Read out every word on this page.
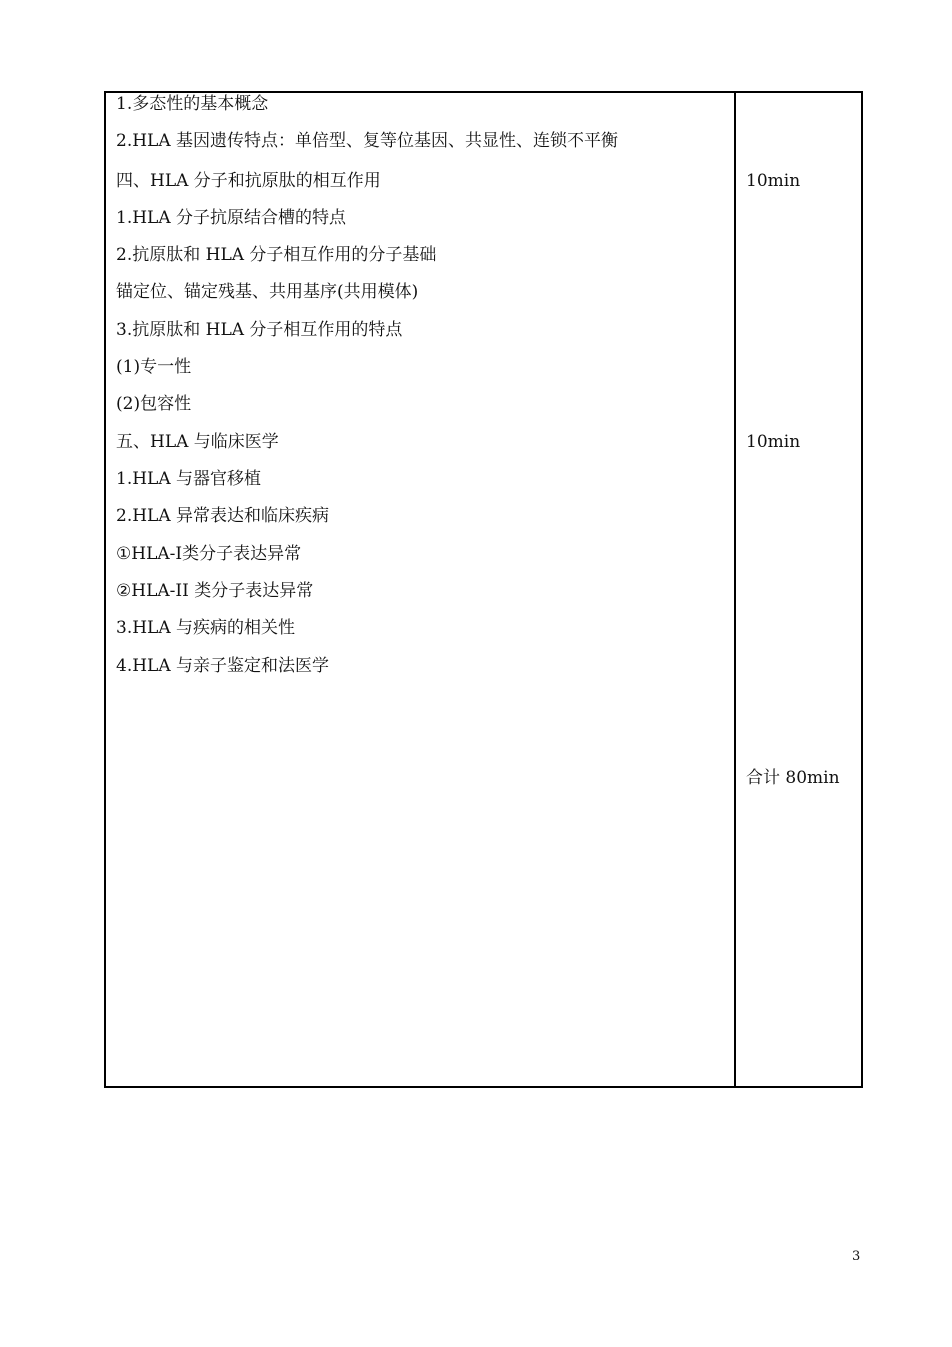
1.多态性的基本概念
2.HLA 基因遗传特点：单倍型、复等位基因、共显性、连锁不平衡
四、HLA 分子和抗原肽的相互作用
1.HLA 分子抗原结合槽的特点
2.抗原肽和 HLA 分子相互作用的分子基础
锚定位、锚定残基、共用基序(共用模体)
3.抗原肽和 HLA 分子相互作用的特点
(1)专一性
(2)包容性
五、HLA 与临床医学
1.HLA 与器官移植
2.HLA 异常表达和临床疾病
①HLA-I类分子表达异常
②HLA-II 类分子表达异常
3.HLA 与疾病的相关性
4.HLA 与亲子鉴定和法医学
10min
10min
合计 80min
3
